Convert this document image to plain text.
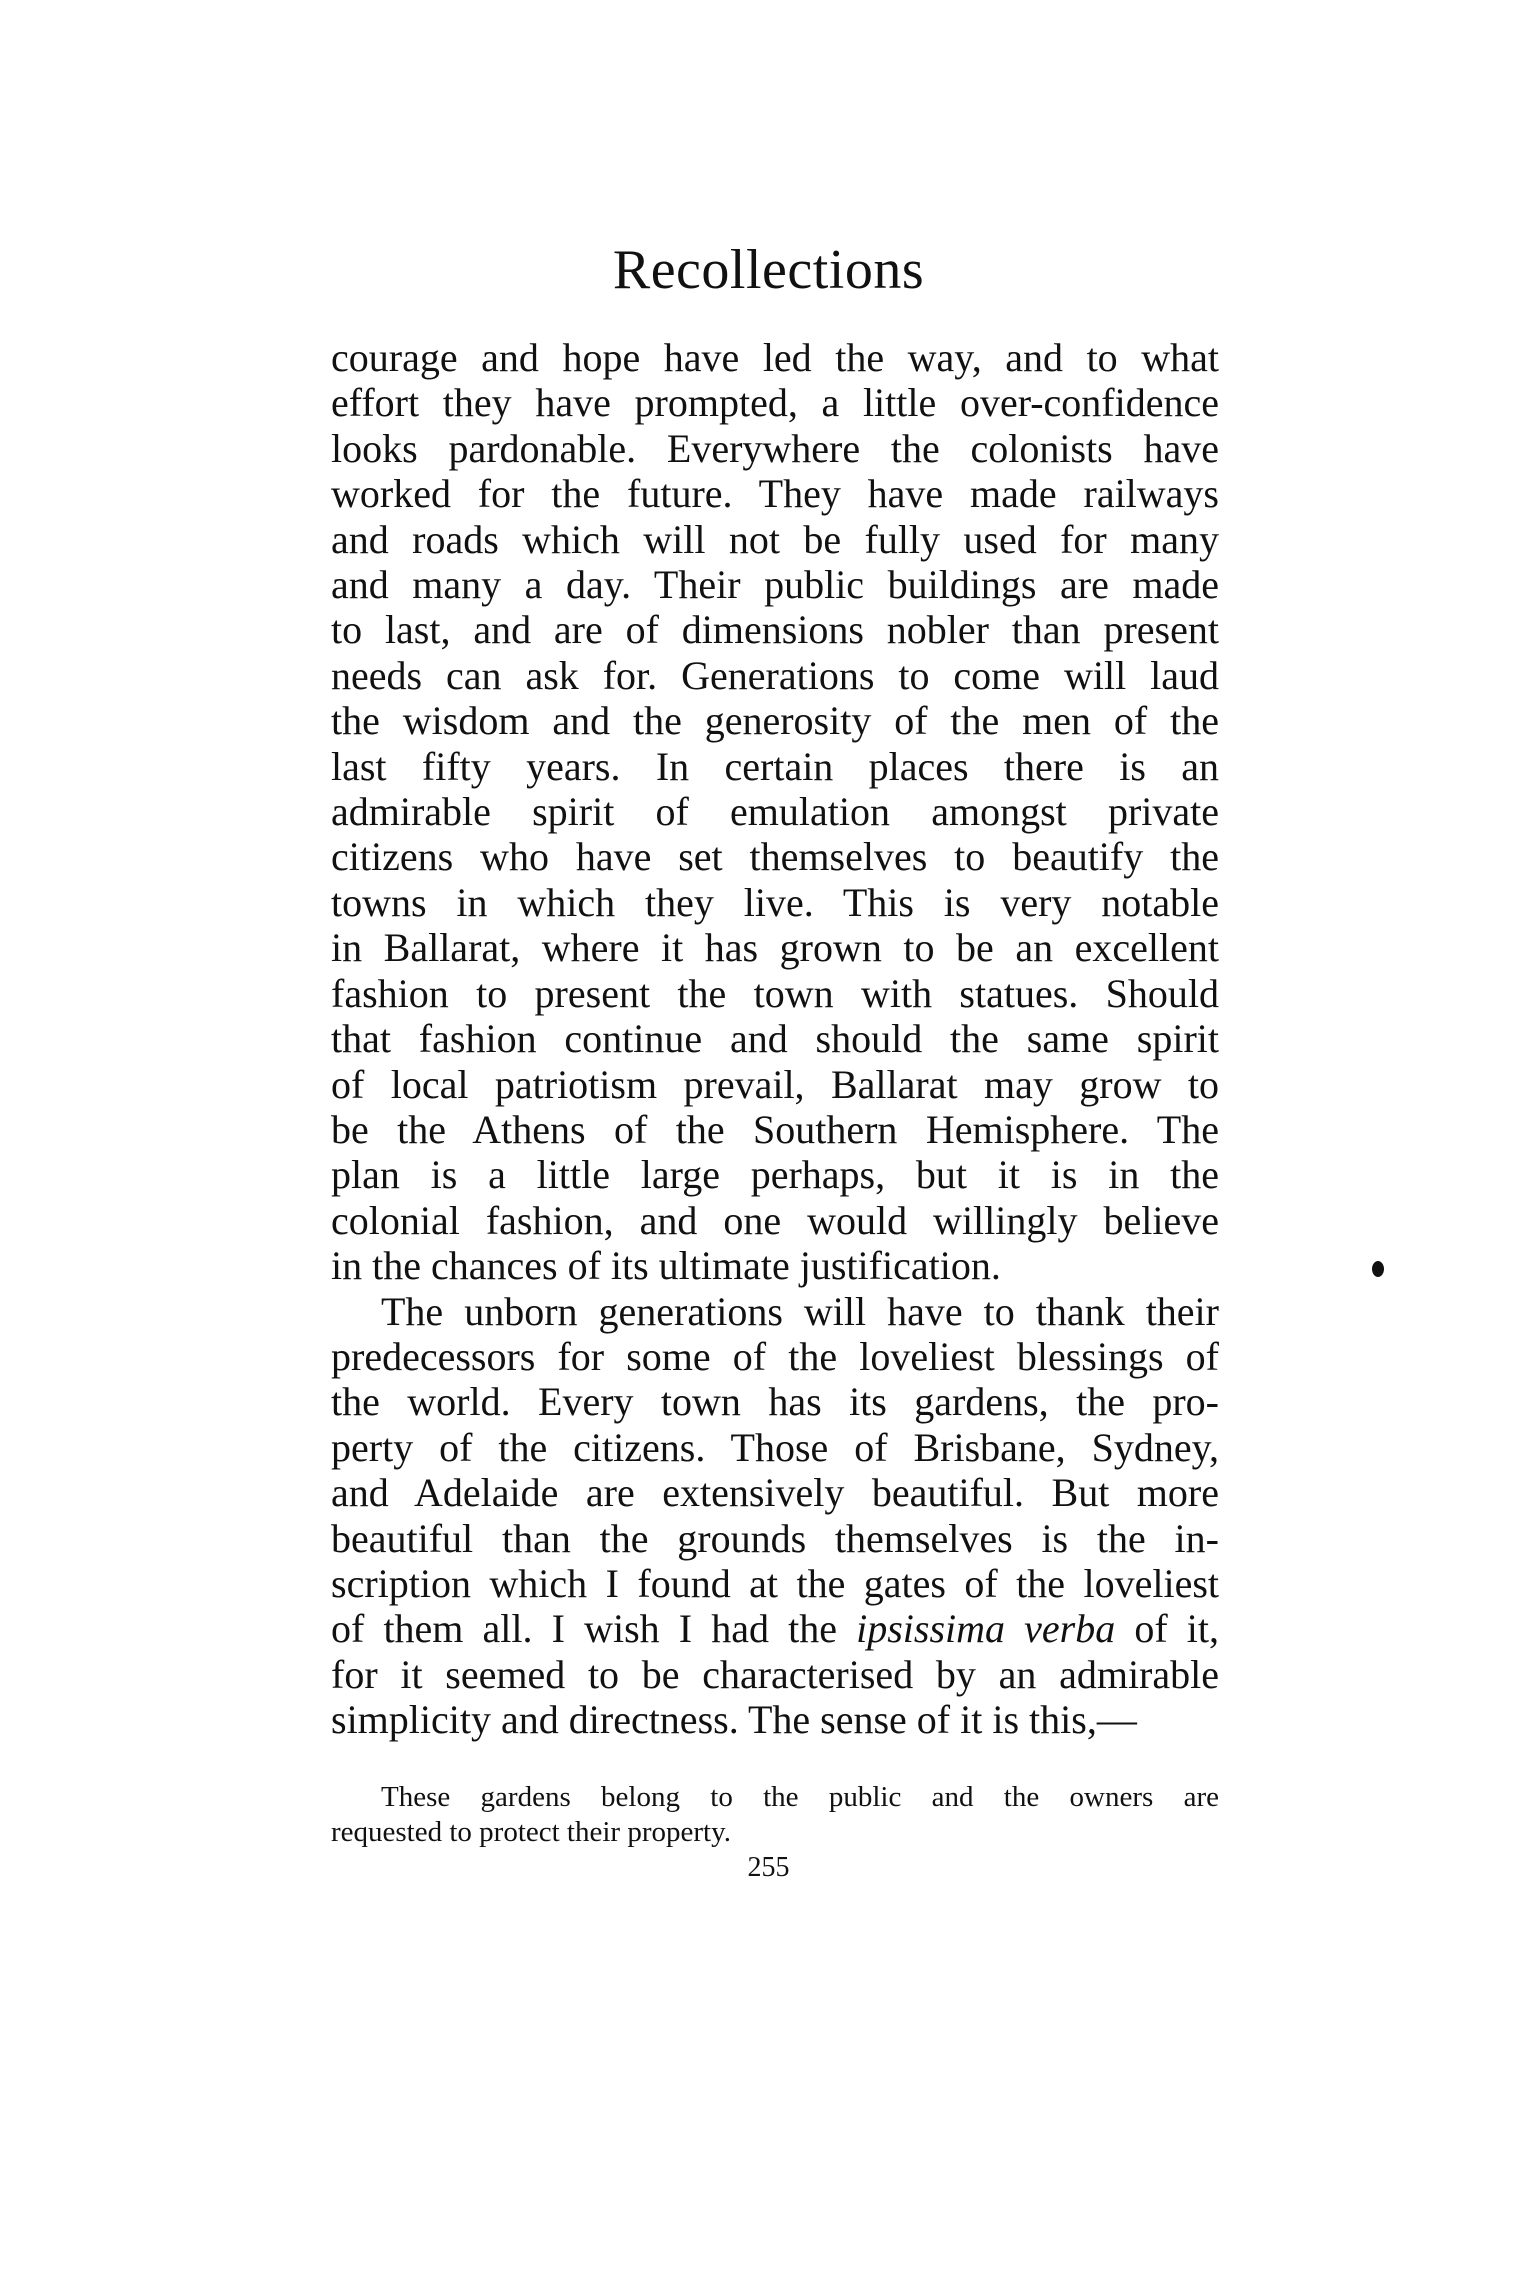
Recollections

courage and hope have led the way, and to what
effort they have prompted, a little over-confidence
looks pardonable. Everywhere the colonists have
worked for the future. They have made railways
and roads which will not be fully used for many
and many a day. Their public buildings are made
to last, and are of dimensions nobler than present
needs can ask for. Generations to come will laud
the wisdom and the generosity of the men of the
last fifty years. In certain places there is an
admirable spirit of emulation amongst private
citizens who have set themselves to beautify the
towns in which they live. This is very notable
in Ballarat, where it has grown to be an excellent
fashion to present the town with statues. Should
that fashion continue and should the same spirit
of local patriotism prevail, Ballarat may grow to
be the Athens of the Southern Hemisphere. The
plan is a little large perhaps, but it is in the
colonial fashion, and one would willingly believe
in the chances of its ultimate justification.

The unborn generations will have to thank their
predecessors for some of the loveliest blessings of
the world. Every town has its gardens, the pro-
perty of the citizens. Those of Brisbane, Sydney,
and Adelaide are extensively beautiful. But more
beautiful than the grounds themselves is the in-
scription which I found at the gates of the loveliest
of them all. I wish I had the ipsissima verba of it,
for it seemed to be characterised by an admirable
simplicity and directness. The sense of it is this,—

These gardens belong to the public and the owners are
requested to protect their property.
255
